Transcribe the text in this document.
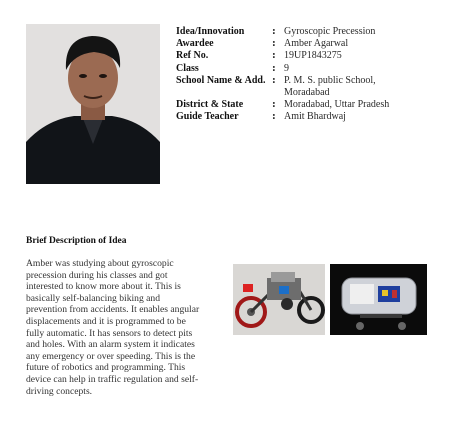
Idea/Innovation	: Gyroscopic Precession
Awardee	: Amber Agarwal
Ref No.	: 19UP1843275
Class	: 9
School Name & Add. : P. M. S. public School,
Moradabad
District & State	: Moradabad, Uttar Pradesh
Guide Teacher	: Amit Bhardwaj
Brief Description of Idea
Amber was studying about gyroscopic
precession during his classes and got
interested to know more about it. This is
basically self-balancing biking and
prevention from accidents. It enables angular
displacements and it is programmed to be
fully automatic. It has sensors to detect pits
and holes. With an alarm system it indicates
any emergency or over speeding. This is the
future of robotics and programming. This
device can help in traffic regulation and self-
driving concepts.
